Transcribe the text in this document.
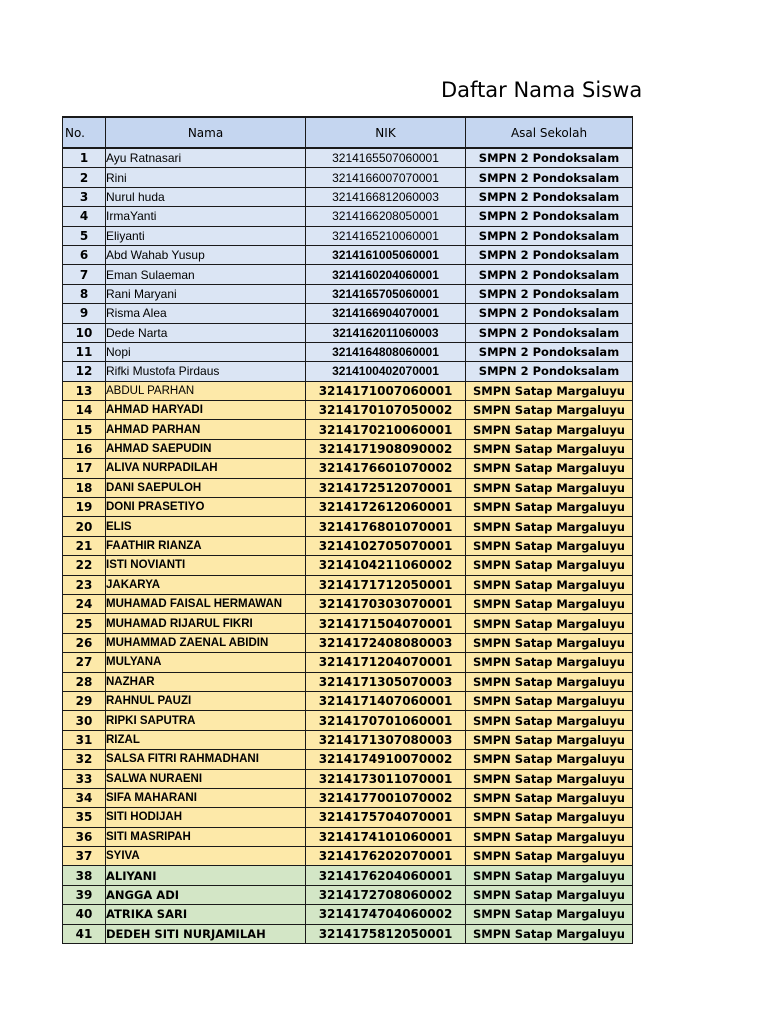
Daftar Nama Siswa
No.	Nama	NIK	Asal Sekolah
1	Ayu Ratnasari	3214165507060001	SMPN 2 Pondoksalam
2	Rini	3214166007070001	SMPN 2 Pondoksalam
3	Nurul huda	3214166812060003	SMPN 2 Pondoksalam
4	IrmaYanti	3214166208050001	SMPN 2 Pondoksalam
5	Eliyanti	3214165210060001	SMPN 2 Pondoksalam
6	Abd Wahab Yusup	3214161005060001	SMPN 2 Pondoksalam
7	Eman Sulaeman	3214160204060001	SMPN 2 Pondoksalam
8	Rani Maryani	3214165705060001	SMPN 2 Pondoksalam
9	Risma Alea	3214166904070001	SMPN 2 Pondoksalam
10	Dede Narta	3214162011060003	SMPN 2 Pondoksalam
11	Nopi	3214164808060001	SMPN 2 Pondoksalam
12	Rifki Mustofa Pirdaus	3214100402070001	SMPN 2 Pondoksalam
13	ABDUL PARHAN	3214171007060001	SMPN Satap Margaluyu
14	AHMAD HARYADI	3214170107050002	SMPN Satap Margaluyu
15	AHMAD PARHAN	3214170210060001	SMPN Satap Margaluyu
16	AHMAD SAEPUDIN	3214171908090002	SMPN Satap Margaluyu
17	ALIVA NURPADILAH	3214176601070002	SMPN Satap Margaluyu
18	DANI SAEPULOH	3214172512070001	SMPN Satap Margaluyu
19	DONI PRASETIYO	3214172612060001	SMPN Satap Margaluyu
20	ELIS	3214176801070001	SMPN Satap Margaluyu
21	FAATHIR RIANZA	3214102705070001	SMPN Satap Margaluyu
22	ISTI NOVIANTI	3214104211060002	SMPN Satap Margaluyu
23	JAKARYA	3214171712050001	SMPN Satap Margaluyu
24	MUHAMAD FAISAL HERMAWAN	3214170303070001	SMPN Satap Margaluyu
25	MUHAMAD RIJARUL FIKRI	3214171504070001	SMPN Satap Margaluyu
26	MUHAMMAD ZAENAL ABIDIN	3214172408080003	SMPN Satap Margaluyu
27	MULYANA	3214171204070001	SMPN Satap Margaluyu
28	NAZHAR	3214171305070003	SMPN Satap Margaluyu
29	RAHNUL PAUZI	3214171407060001	SMPN Satap Margaluyu
30	RIPKI SAPUTRA	3214170701060001	SMPN Satap Margaluyu
31	RIZAL	3214171307080003	SMPN Satap Margaluyu
32	SALSA FITRI RAHMADHANI	3214174910070002	SMPN Satap Margaluyu
33	SALWA NURAENI	3214173011070001	SMPN Satap Margaluyu
34	SIFA MAHARANI	3214177001070002	SMPN Satap Margaluyu
35	SITI HODIJAH	3214175704070001	SMPN Satap Margaluyu
36	SITI MASRIPAH	3214174101060001	SMPN Satap Margaluyu
37	SYIVA	3214176202070001	SMPN Satap Margaluyu
38	ALIYANI	3214176204060001	SMPN Satap Margaluyu
39	ANGGA ADI	3214172708060002	SMPN Satap Margaluyu
40	ATRIKA SARI	3214174704060002	SMPN Satap Margaluyu
41	DEDEH SITI NURJAMILAH	3214175812050001	SMPN Satap Margaluyu
